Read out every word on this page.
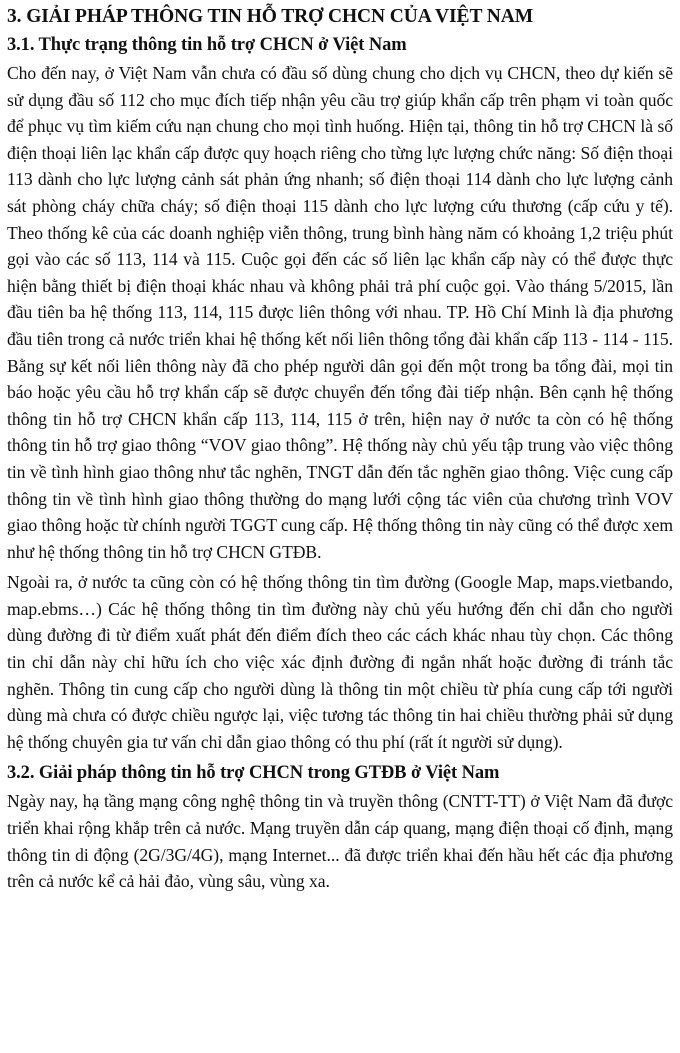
3. GIẢI PHÁP THÔNG TIN HỖ TRỢ CHCN CỦA VIỆT NAM
3.1. Thực trạng thông tin hỗ trợ CHCN ở Việt Nam

Cho đến nay, ở Việt Nam vẫn chưa có đầu số dùng chung cho dịch vụ CHCN, theo dự kiến sẽ sử dụng đầu số 112 cho mục đích tiếp nhận yêu cầu trợ giúp khẩn cấp trên phạm vi toàn quốc để phục vụ tìm kiếm cứu nạn chung cho mọi tình huống. Hiện tại, thông tin hỗ trợ CHCN là số điện thoại liên lạc khẩn cấp được quy hoạch riêng cho từng lực lượng chức năng: Số điện thoại 113 dành cho lực lượng cảnh sát phản ứng nhanh; số điện thoại 114 dành cho lực lượng cảnh sát phòng cháy chữa cháy; số điện thoại 115 dành cho lực lượng cứu thương (cấp cứu y tế). Theo thống kê của các doanh nghiệp viễn thông, trung bình hàng năm có khoảng 1,2 triệu phút gọi vào các số 113, 114 và 115. Cuộc gọi đến các số liên lạc khẩn cấp này có thể được thực hiện bằng thiết bị điện thoại khác nhau và không phải trả phí cuộc gọi. Vào tháng 5/2015, lần đầu tiên ba hệ thống 113, 114, 115 được liên thông với nhau. TP. Hồ Chí Minh là địa phương đầu tiên trong cả nước triển khai hệ thống kết nối liên thông tổng đài khẩn cấp 113 - 114 - 115. Bằng sự kết nối liên thông này đã cho phép người dân gọi đến một trong ba tổng đài, mọi tin báo hoặc yêu cầu hỗ trợ khẩn cấp sẽ được chuyển đến tổng đài tiếp nhận. Bên cạnh hệ thống thông tin hỗ trợ CHCN khẩn cấp 113, 114, 115 ở trên, hiện nay ở nước ta còn có hệ thống thông tin hỗ trợ giao thông “VOV giao thông”. Hệ thống này chủ yếu tập trung vào việc thông tin về tình hình giao thông như tắc nghẽn, TNGT dẫn đến tắc nghẽn giao thông. Việc cung cấp thông tin về tình hình giao thông thường do mạng lưới cộng tác viên của chương trình VOV giao thông hoặc từ chính người TGGT cung cấp. Hệ thống thông tin này cũng có thể được xem như hệ thống thông tin hỗ trợ CHCN GTĐB.

Ngoài ra, ở nước ta cũng còn có hệ thống thông tin tìm đường (Google Map, maps.vietbando, map.ebms…) Các hệ thống thông tin tìm đường này chủ yếu hướng đến chỉ dẫn cho người dùng đường đi từ điểm xuất phát đến điểm đích theo các cách khác nhau tùy chọn. Các thông tin chỉ dẫn này chỉ hữu ích cho việc xác định đường đi ngắn nhất hoặc đường đi tránh tắc nghẽn. Thông tin cung cấp cho người dùng là thông tin một chiều từ phía cung cấp tới người dùng mà chưa có được chiều ngược lại, việc tương tác thông tin hai chiều thường phải sử dụng hệ thống chuyên gia tư vấn chỉ dẫn giao thông có thu phí (rất ít người sử dụng).

3.2. Giải pháp thông tin hỗ trợ CHCN trong GTĐB ở Việt Nam

Ngày nay, hạ tầng mạng công nghệ thông tin và truyền thông (CNTT-TT) ở Việt Nam đã được triển khai rộng khắp trên cả nước. Mạng truyền dẫn cáp quang, mạng điện thoại cố định, mạng thông tin di động (2G/3G/4G), mạng Internet... đã được triển khai đến hầu hết các địa phương trên cả nước kể cả hải đảo, vùng sâu, vùng xa.
